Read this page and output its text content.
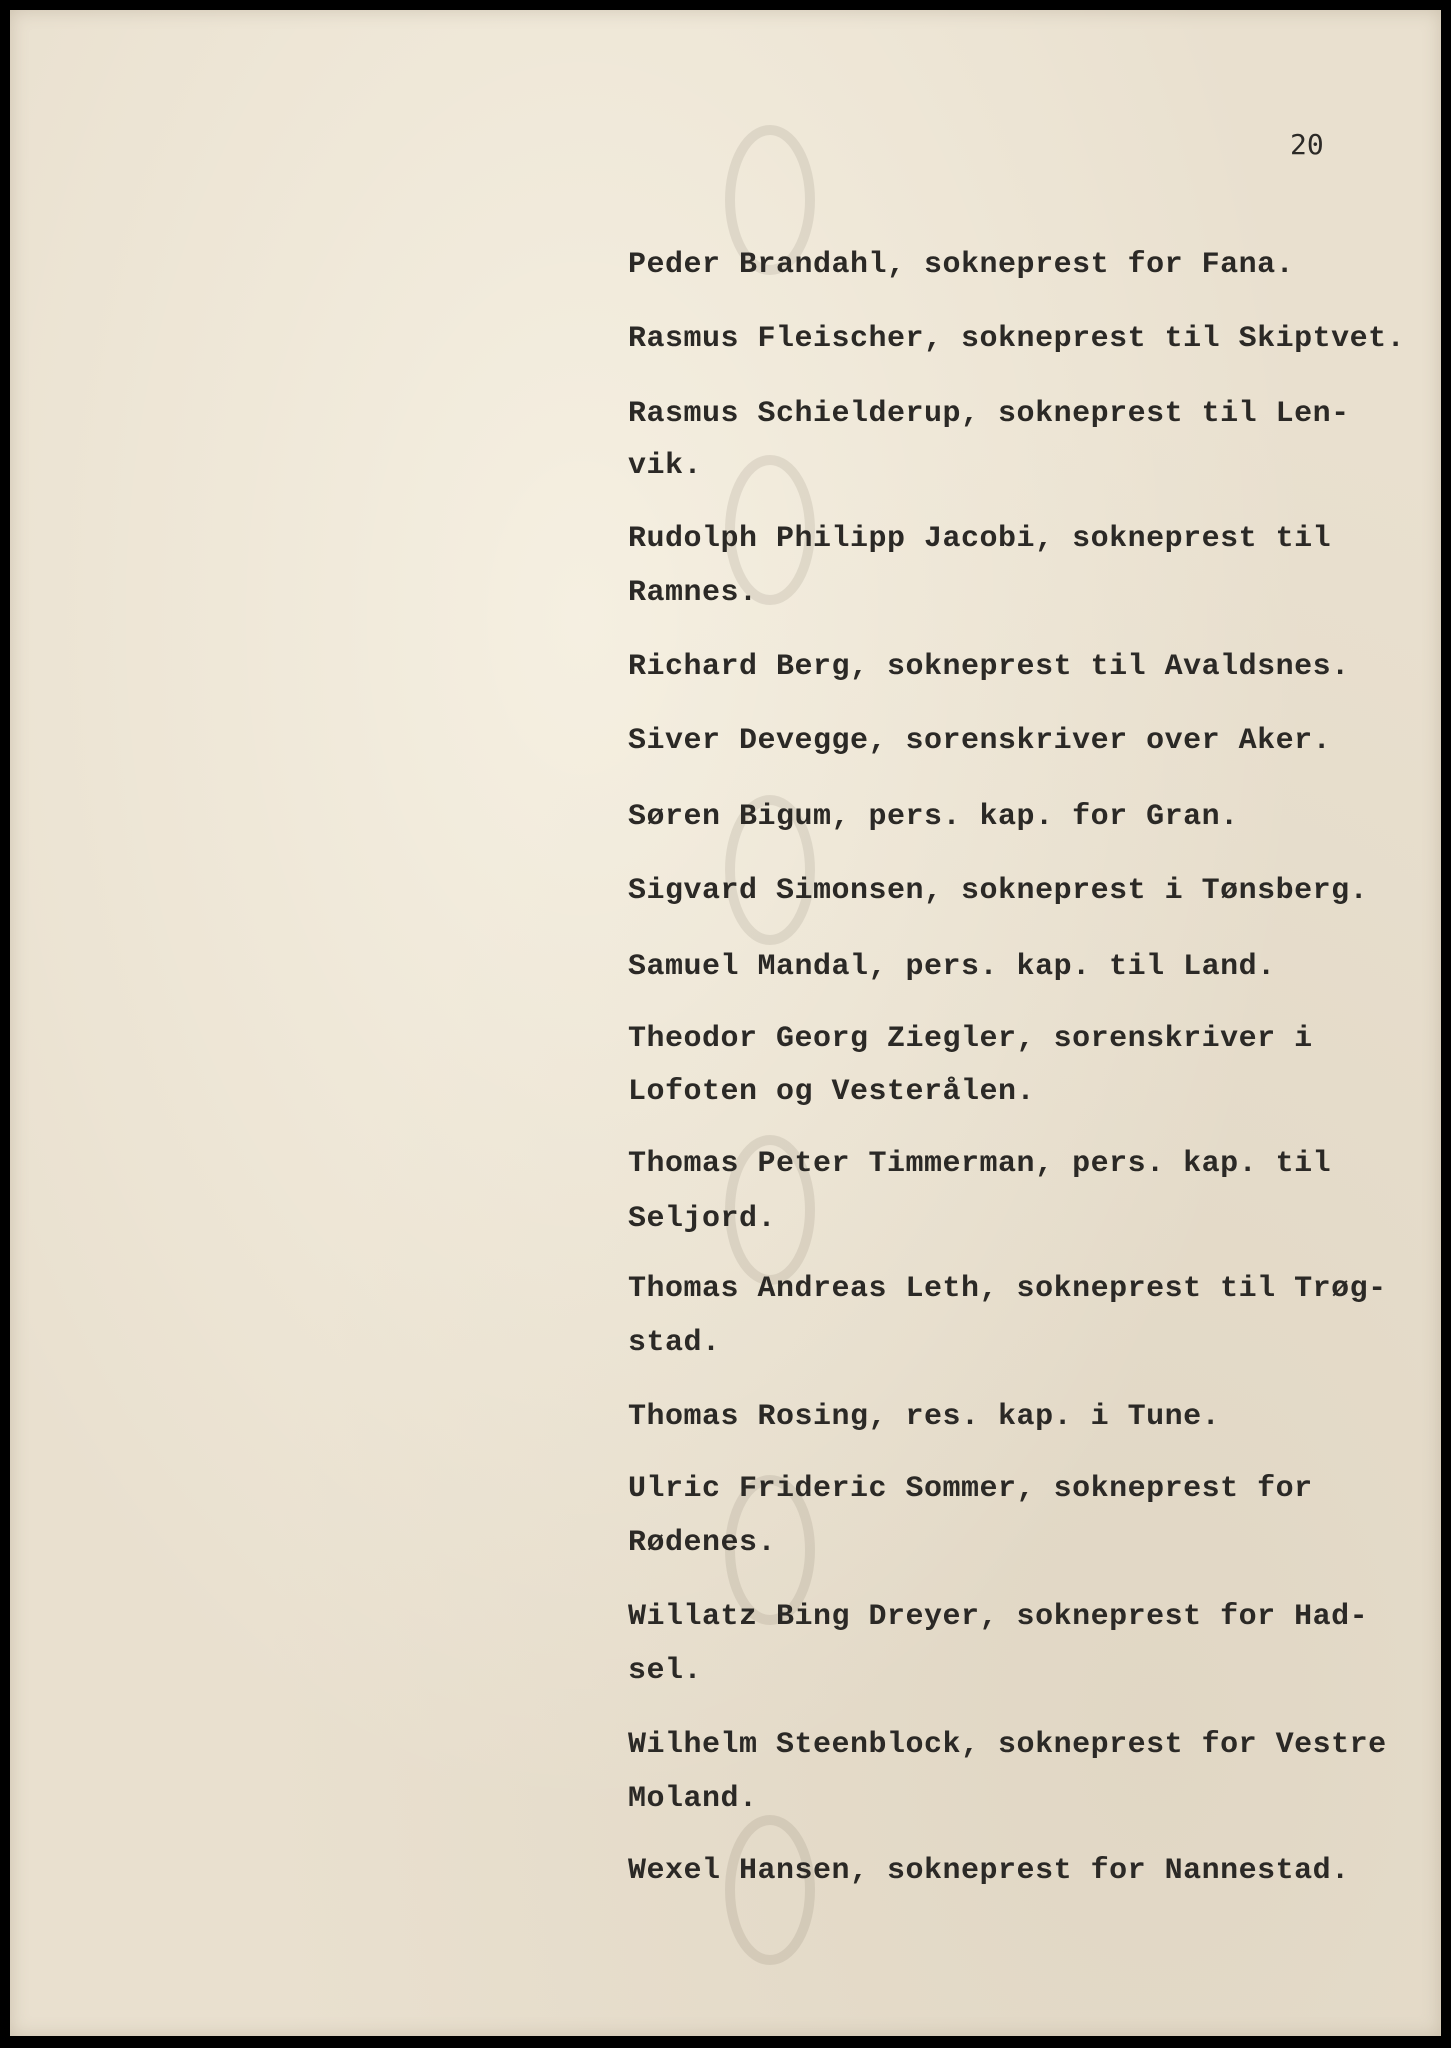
20
Peder Brandahl, sokneprest for Fana.
Rasmus Fleischer, sokneprest til Skiptvet.
Rasmus Schielderup, sokneprest til Len-
vik.
Rudolph Philipp Jacobi, sokneprest til
Ramnes.
Richard Berg, sokneprest til Avaldsnes.
Siver Devegge, sorenskriver over Aker.
Søren Bigum, pers. kap. for Gran.
Sigvard Simonsen, sokneprest i Tønsberg.
Samuel Mandal, pers. kap. til Land.
Theodor Georg Ziegler, sorenskriver i
Lofoten og Vesterålen.
Thomas Peter Timmerman, pers. kap. til
Seljord.
Thomas Andreas Leth, sokneprest til Trøg-
stad.
Thomas Rosing, res. kap. i Tune.
Ulric Frideric Sommer, sokneprest for
Rødenes.
Willatz Bing Dreyer, sokneprest for Had-
sel.
Wilhelm Steenblock, sokneprest for Vestre
Moland.
Wexel Hansen, sokneprest for Nannestad.
